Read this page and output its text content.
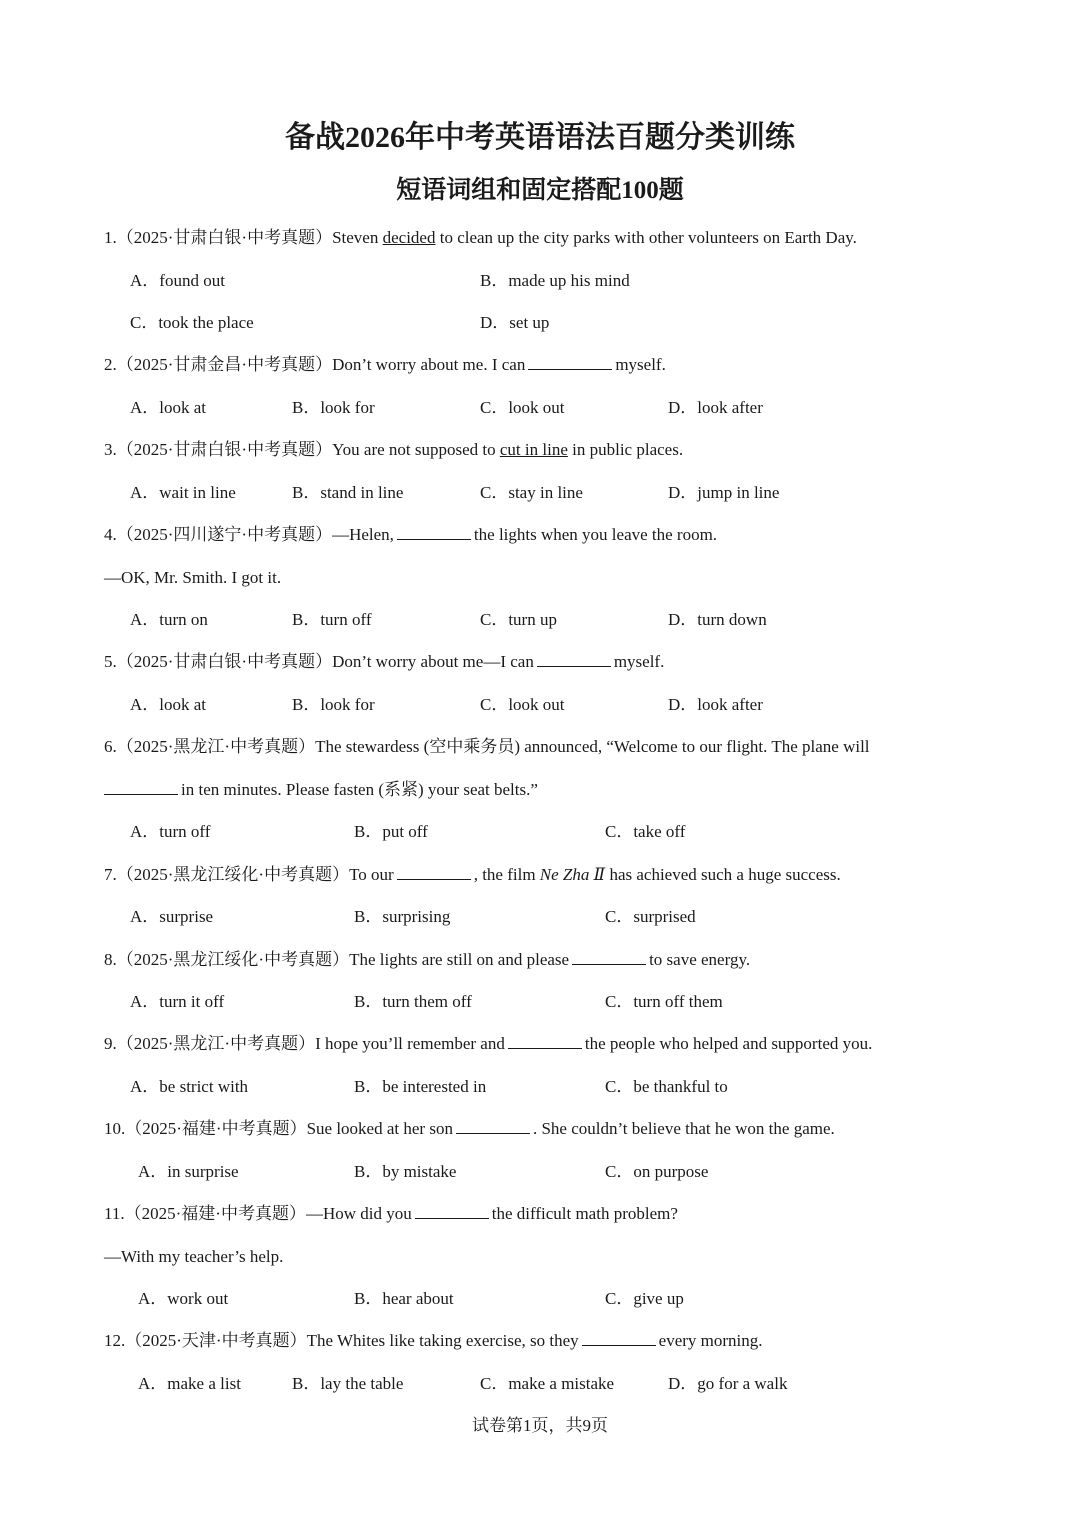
备战2026年中考英语语法百题分类训练
短语词组和固定搭配100题
1.（2025·甘肃白银·中考真题）Steven decided to clean up the city parks with other volunteers on Earth Day.
A．found out	B．made up his mind
C．took the place	D．set up
2.（2025·甘肃金昌·中考真题）Don’t worry about me. I can	myself.
A．look at	B．look for	C．look out	D．look after
3.（2025·甘肃白银·中考真题）You are not supposed to cut in line in public places.
A．wait in line	B．stand in line	C．stay in line	D．jump in line
4.（2025·四川遂宁·中考真题）—Helen,	the lights when you leave the room.
—OK, Mr. Smith. I got it.
A．turn on	B．turn off	C．turn up	D．turn down
5.（2025·甘肃白银·中考真题）Don’t worry about me—I can	myself.
A．look at	B．look for	C．look out	D．look after
6.（2025·黑龙江·中考真题）The stewardess (空中乘务员) announced, “Welcome to our flight. The plane will
in ten minutes. Please fasten (系紧) your seat belts.”
A．turn off	B．put off	C．take off
7.（2025·黑龙江绥化·中考真题）To our	, the film Ne Zha Ⅱ has achieved such a huge success.
A．surprise	B．surprising	C．surprised
8.（2025·黑龙江绥化·中考真题）The lights are still on and please	to save energy.
A．turn it off	B．turn them off	C．turn off them
9.（2025·黑龙江·中考真题）I hope you’ll remember and	the people who helped and supported you.
A．be strict with	B．be interested in	C．be thankful to
10.（2025·福建·中考真题）Sue looked at her son	. She couldn’t believe that he won the game.
A．in surprise	B．by mistake	C．on purpose
11.（2025·福建·中考真题）—How did you	the difficult math problem?
—With my teacher’s help.
A．work out	B．hear about	C．give up
12.（2025·天津·中考真题）The Whites like taking exercise, so they	every morning.
A．make a list	B．lay the table	C．make a mistake	D．go for a walk
试卷第1页，共9页
